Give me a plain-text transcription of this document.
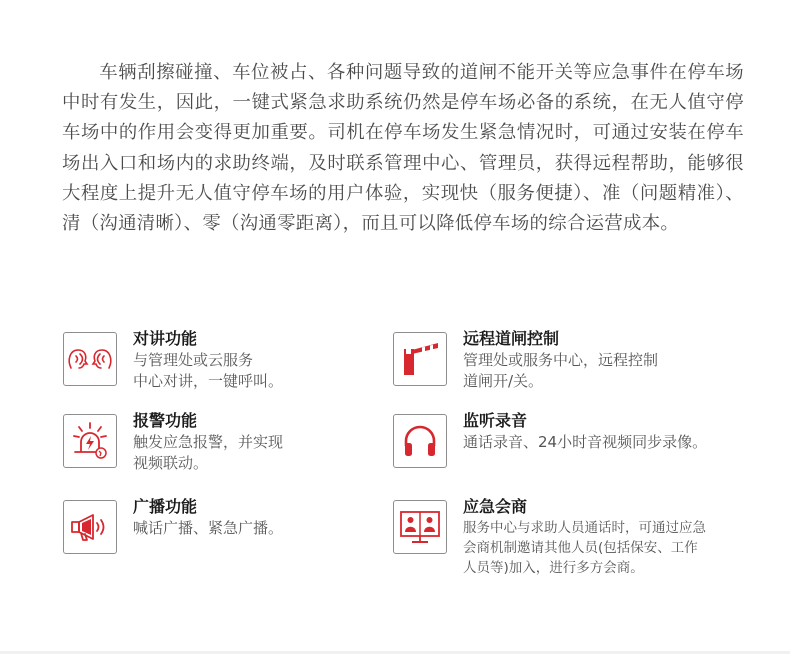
车辆刮擦碰撞、车位被占、各种问题导致的道闸不能开关等应急事件在停车场中时有发生，因此，一键式紧急求助系统仍然是停车场必备的系统，在无人值守停车场中的作用会变得更加重要。司机在停车场发生紧急情况时，可通过安装在停车场出入口和场内的求助终端，及时联系管理中心、管理员，获得远程帮助，能够很大程度上提升无人值守停车场的用户体验，实现快（服务便捷）、准（问题精准）、清（沟通清晰）、零（沟通零距离），而且可以降低停车场的综合运营成本。

对讲功能
与管理处或云服务
中心对讲，一键呼叫。
远程道闸控制
管理处或服务中心，远程控制
道闸开/关。
报警功能
触发应急报警，并实现
视频联动。
监听录音
通话录音、24小时音视频同步录像。
广播功能
喊话广播、紧急广播。
应急会商
服务中心与求助人员通话时，可通过应急
会商机制邀请其他人员(包括保安、工作
人员等)加入，进行多方会商。
